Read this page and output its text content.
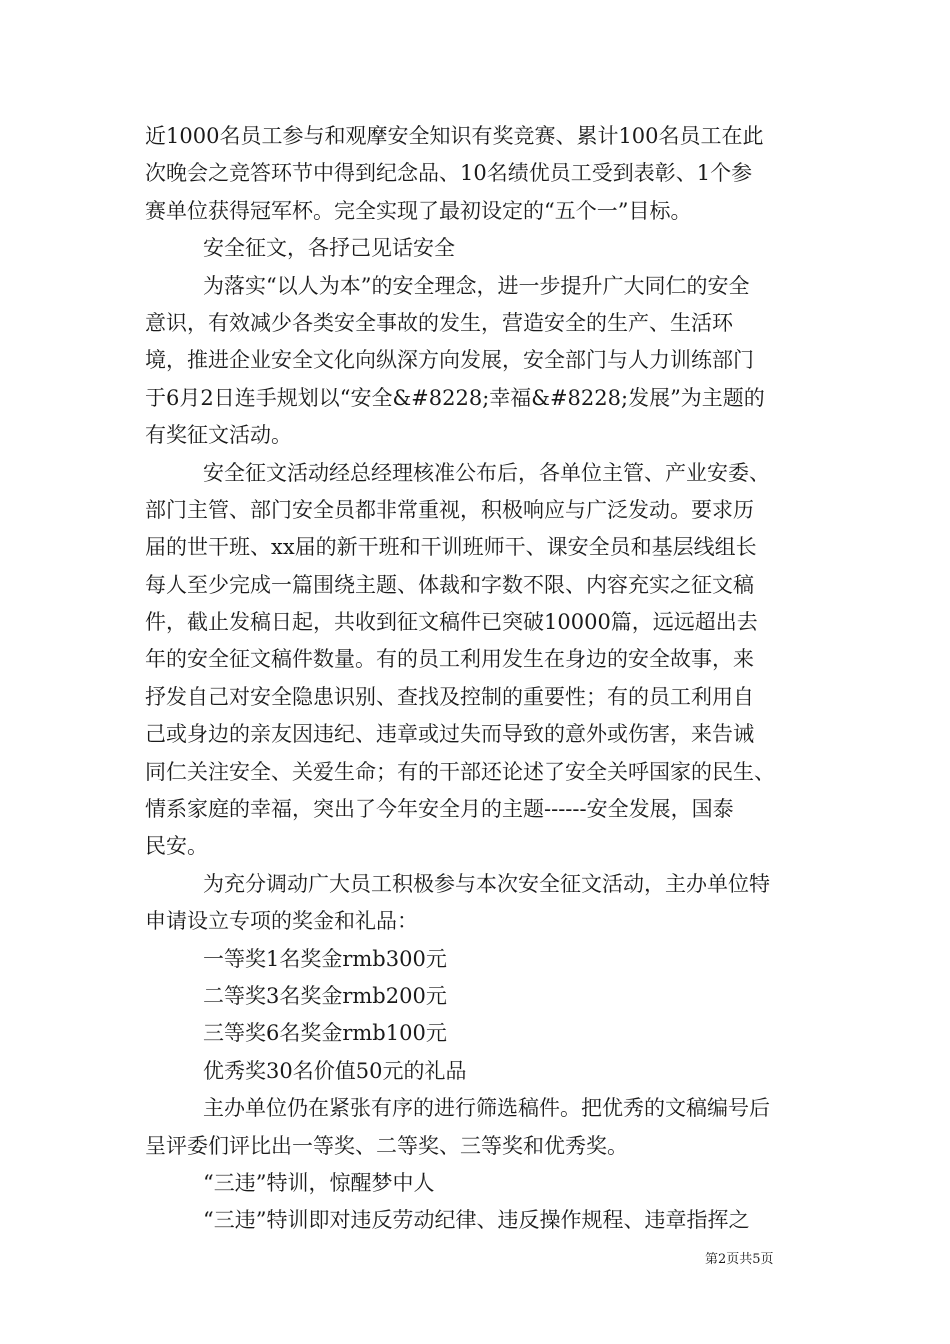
近1000名员工参与和观摩安全知识有奖竞赛、累计100名员工在此
次晚会之竞答环节中得到纪念品、10名绩优员工受到表彰、1个参
赛单位获得冠军杯。完全实现了最初设定的“五个一”目标。
安全征文，各抒己见话安全
为落实“以人为本”的安全理念，进一步提升广大同仁的安全
意识，有效减少各类安全事故的发生，营造安全的生产、生活环
境，推进企业安全文化向纵深方向发展，安全部门与人力训练部门
于6月2日连手规划以“安全&#8228;幸福&#8228;发展”为主题的
有奖征文活动。
安全征文活动经总经理核准公布后，各单位主管、产业安委、
部门主管、部门安全员都非常重视，积极响应与广泛发动。要求历
届的世干班、xx届的新干班和干训班师干、课安全员和基层线组长
每人至少完成一篇围绕主题、体裁和字数不限、内容充实之征文稿
件，截止发稿日起，共收到征文稿件已突破10000篇，远远超出去
年的安全征文稿件数量。有的员工利用发生在身边的安全故事，来
抒发自己对安全隐患识别、查找及控制的重要性；有的员工利用自
己或身边的亲友因违纪、违章或过失而导致的意外或伤害，来告诫
同仁关注安全、关爱生命；有的干部还论述了安全关呼国家的民生、
情系家庭的幸福，突出了今年安全月的主题------安全发展，国泰
民安。
为充分调动广大员工积极参与本次安全征文活动，主办单位特
申请设立专项的奖金和礼品：
一等奖1名奖金rmb300元
二等奖3名奖金rmb200元
三等奖6名奖金rmb100元
优秀奖30名价值50元的礼品
主办单位仍在紧张有序的进行筛选稿件。把优秀的文稿编号后
呈评委们评比出一等奖、二等奖、三等奖和优秀奖。
“三违”特训，惊醒梦中人
“三违”特训即对违反劳动纪律、违反操作规程、违章指挥之
第2页共5页
